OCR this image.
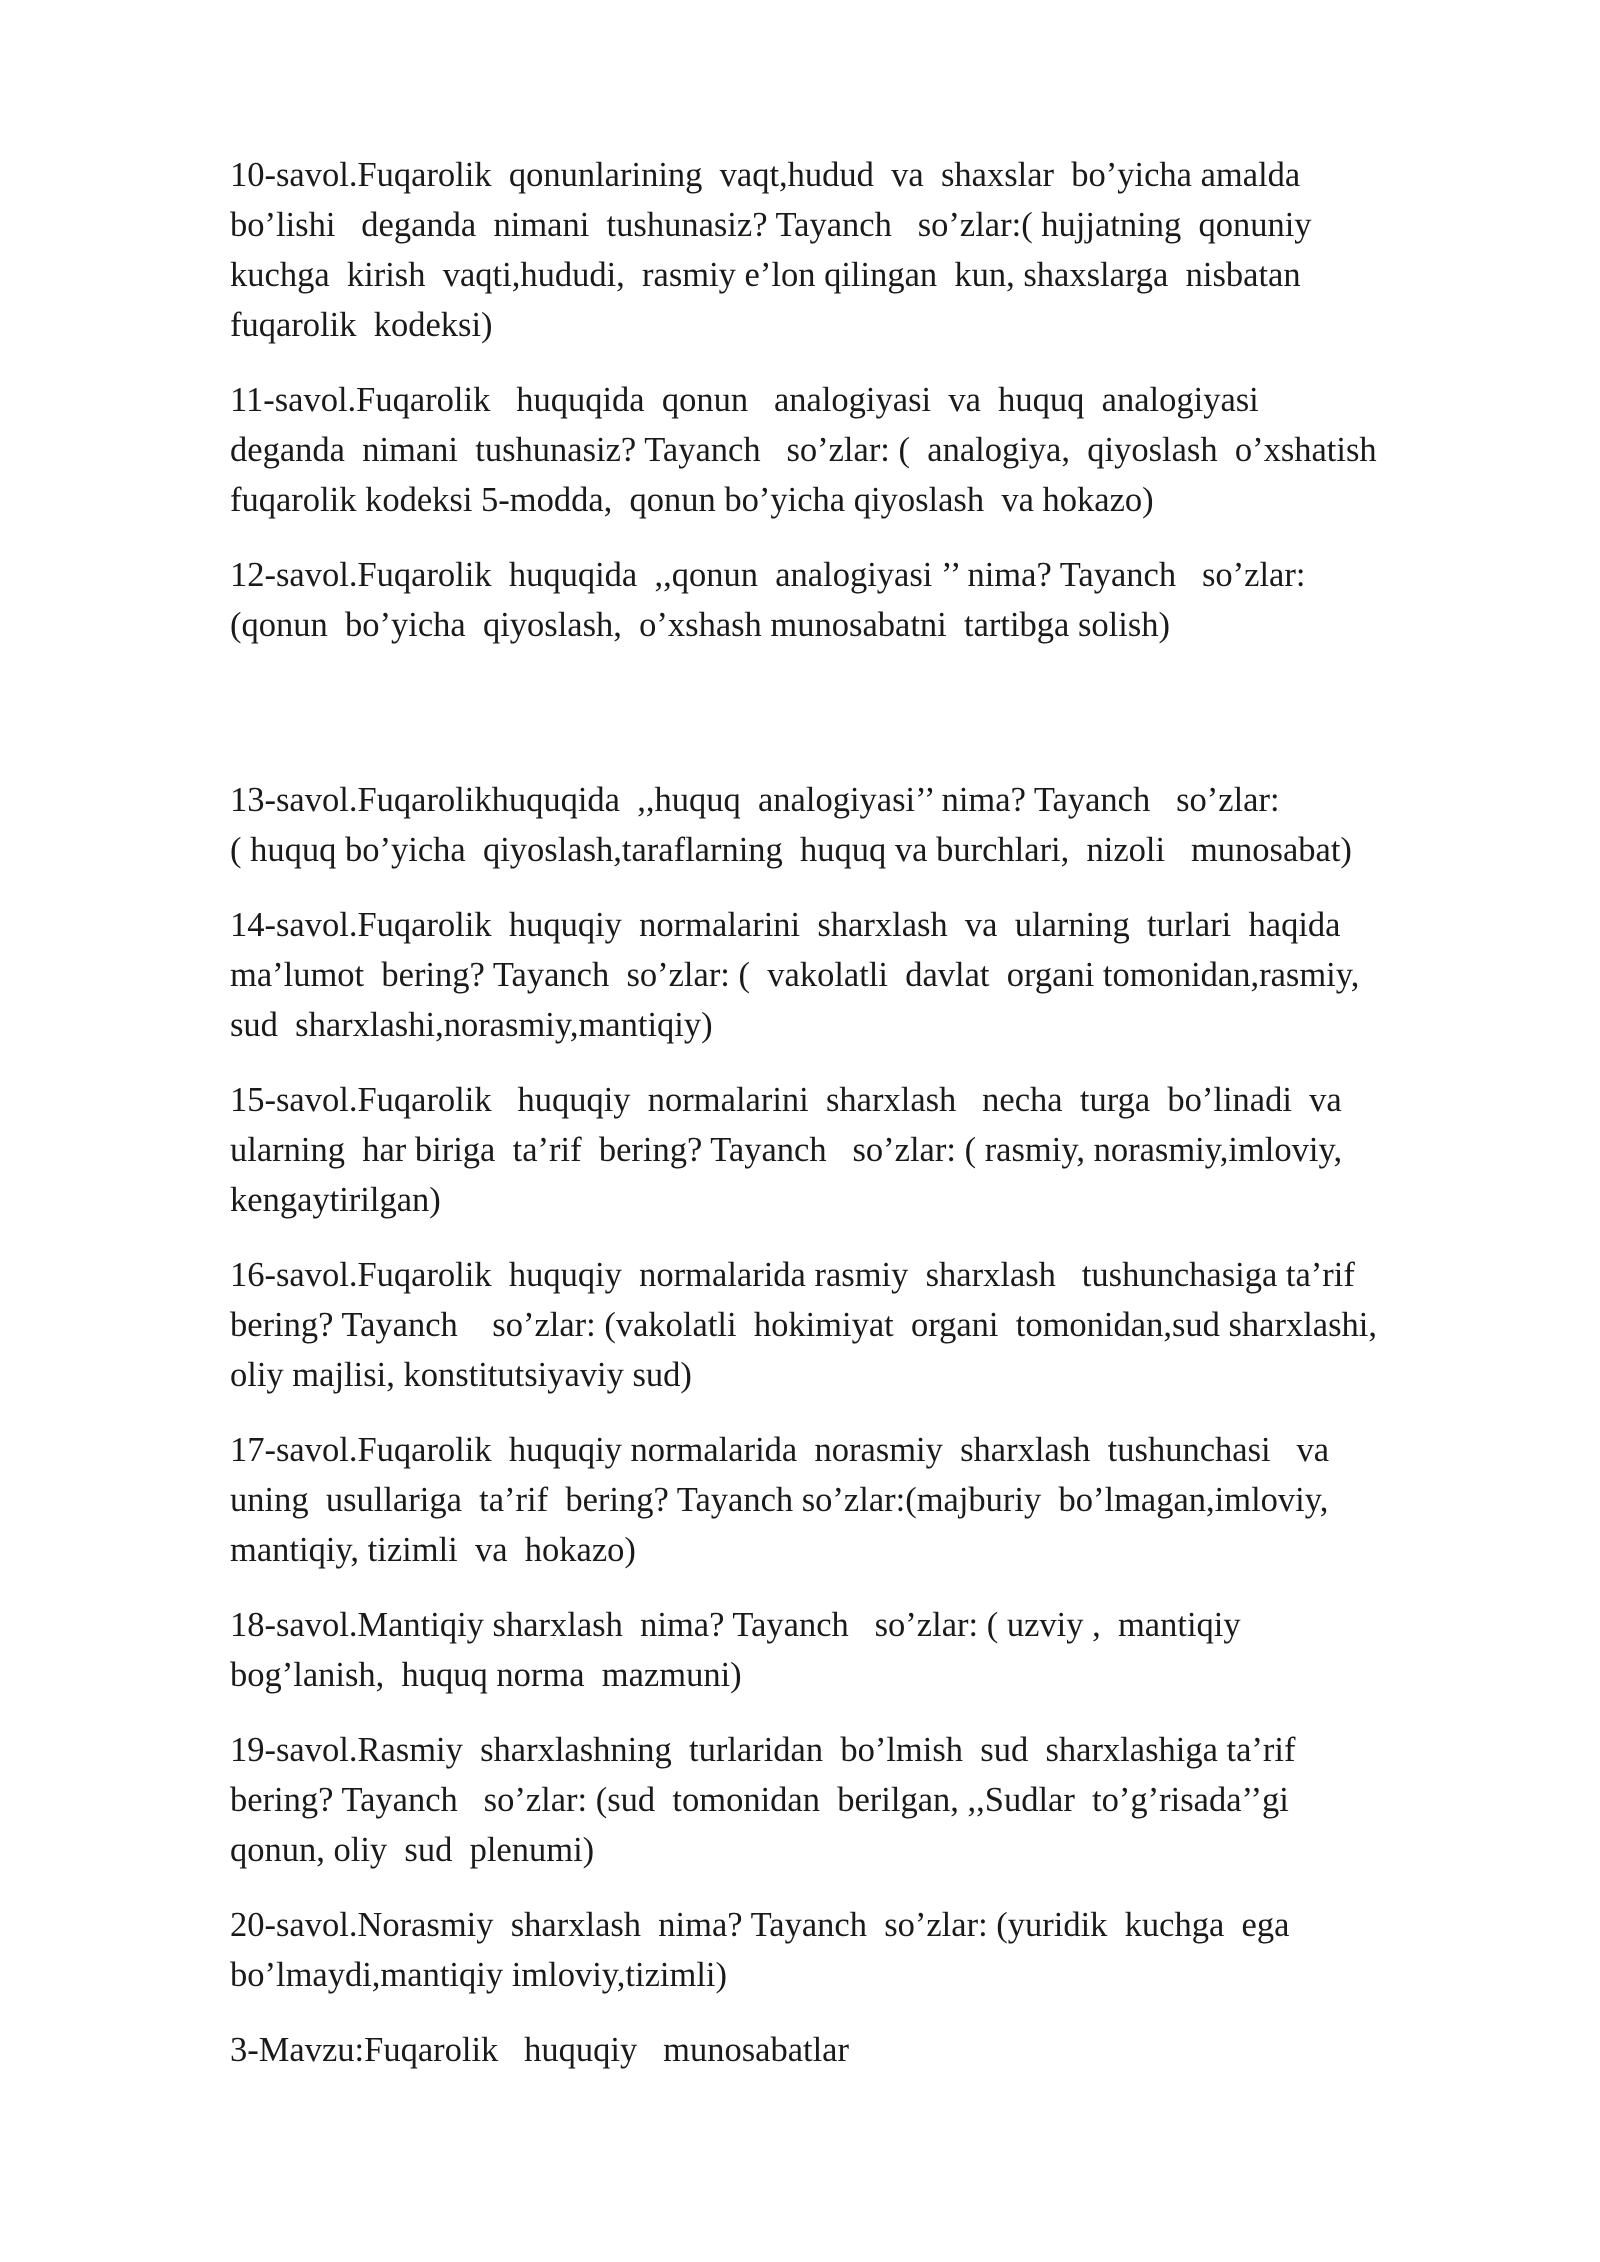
10-savol.Fuqarolik  qonunlarining  vaqt,hudud  va  shaxslar  bo’yicha amalda
bo’lishi   deganda  nimani  tushunasiz? Tayanch   so’zlar:( hujjatning  qonuniy
kuchga  kirish  vaqti,hududi,  rasmiy e’lon qilingan  kun, shaxslarga  nisbatan
fuqarolik  kodeksi)

11-savol.Fuqarolik   huquqida  qonun   analogiyasi  va  huquq  analogiyasi
deganda  nimani  tushunasiz? Tayanch   so’zlar: (  analogiya,  qiyoslash  o’xshatish
fuqarolik kodeksi 5-modda,  qonun bo’yicha qiyoslash  va hokazo)

12-savol.Fuqarolik  huquqida  ,,qonun  analogiyasi ’’ nima? Tayanch   so’zlar:
(qonun  bo’yicha  qiyoslash,  o’xshash munosabatni  tartibga solish)

13-savol.Fuqarolikhuquqida  ,,huquq  analogiyasi’’ nima? Tayanch   so’zlar:
( huquq bo’yicha  qiyoslash,taraflarning  huquq va burchlari,  nizoli   munosabat)

14-savol.Fuqarolik  huquqiy  normalarini  sharxlash  va  ularning  turlari  haqida
ma’lumot  bering? Tayanch  so’zlar: (  vakolatli  davlat  organi tomonidan,rasmiy,
sud  sharxlashi,norasmiy,mantiqiy)

15-savol.Fuqarolik   huquqiy  normalarini  sharxlash   necha  turga  bo’linadi  va
ularning  har biriga  ta’rif  bering? Tayanch   so’zlar: ( rasmiy, norasmiy,imloviy,
kengaytirilgan)

16-savol.Fuqarolik  huquqiy  normalarida rasmiy  sharxlash   tushunchasiga ta’rif
bering? Tayanch    so’zlar: (vakolatli  hokimiyat  organi  tomonidan,sud sharxlashi,
oliy majlisi, konstitutsiyaviy sud)

17-savol.Fuqarolik  huquqiy normalarida  norasmiy  sharxlash  tushunchasi   va
uning  usullariga  ta’rif  bering? Tayanch so’zlar:(majburiy  bo’lmagan,imloviy,
mantiqiy, tizimli  va  hokazo)

18-savol.Mantiqiy sharxlash  nima? Tayanch   so’zlar: ( uzviy ,  mantiqiy
bog’lanish,  huquq norma  mazmuni)

19-savol.Rasmiy  sharxlashning  turlaridan  bo’lmish  sud  sharxlashiga ta’rif
bering? Tayanch   so’zlar: (sud  tomonidan  berilgan, ,,Sudlar  to’g’risada’’gi
qonun, oliy  sud  plenumi)

20-savol.Norasmiy  sharxlash  nima? Tayanch  so’zlar: (yuridik  kuchga  ega
bo’lmaydi,mantiqiy imloviy,tizimli)

3-Mavzu:Fuqarolik   huquqiy   munosabatlar
